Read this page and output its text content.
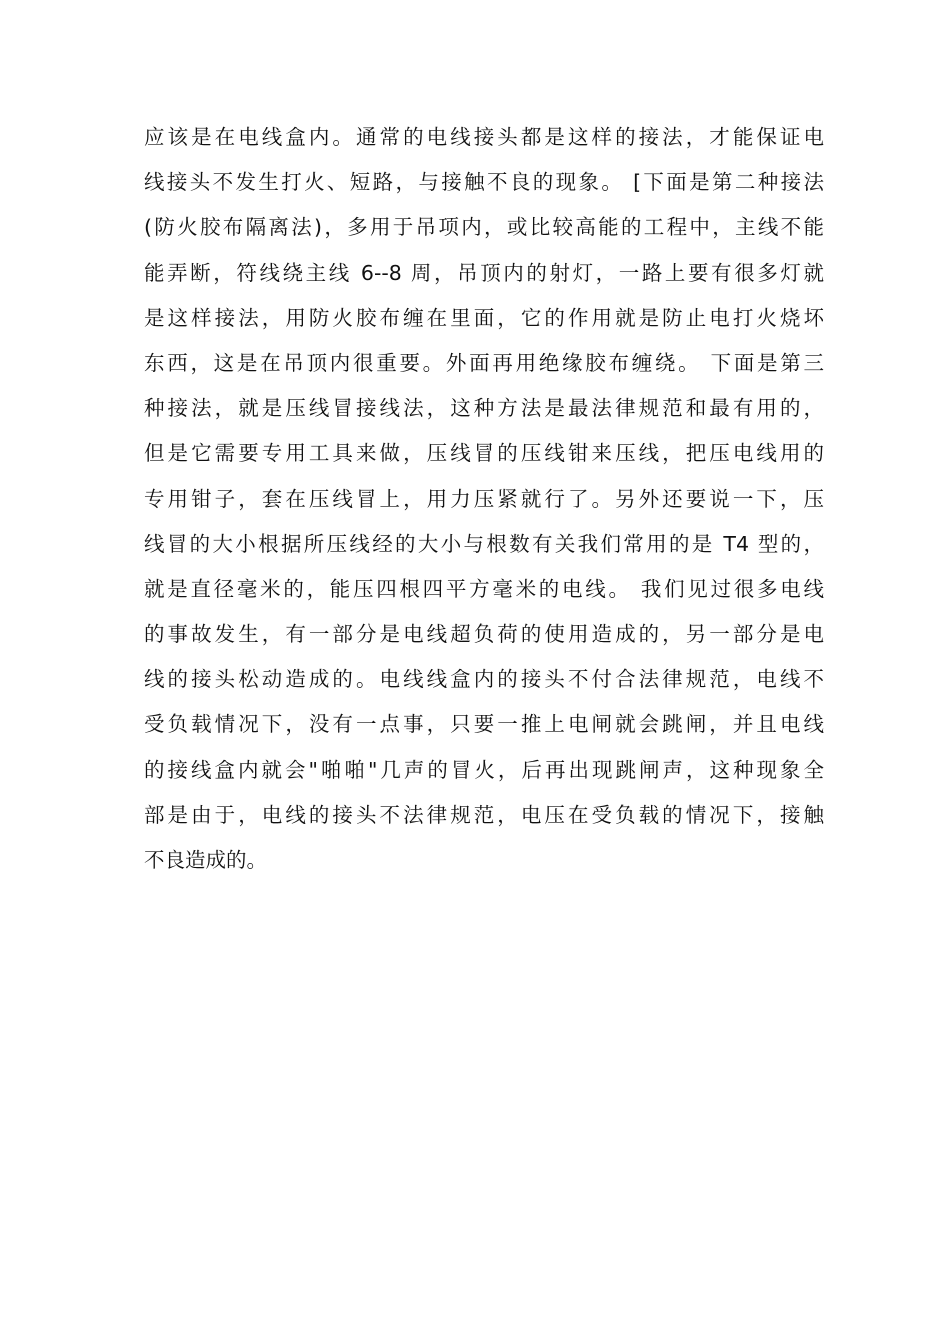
应该是在电线盒内。通常的电线接头都是这样的接法，才能保证电
线接头不发生打火、短路，与接触不良的现象。 [下面是第二种接法
(防火胶布隔离法)，多用于吊项内，或比较高能的工程中，主线不能
能弄断，符线绕主线 6--8 周，吊顶内的射灯，一路上要有很多灯就
是这样接法，用防火胶布缠在里面，它的作用就是防止电打火烧坏
东西，这是在吊顶内很重要。外面再用绝缘胶布缠绕。 下面是第三
种接法，就是压线冒接线法，这种方法是最法律规范和最有用的，
但是它需要专用工具来做，压线冒的压线钳来压线，把压电线用的
专用钳子，套在压线冒上，用力压紧就行了。另外还要说一下，压
线冒的大小根据所压线经的大小与根数有关我们常用的是 T4 型的，
就是直径毫米的，能压四根四平方毫米的电线。 我们见过很多电线
的事故发生，有一部分是电线超负荷的使用造成的，另一部分是电
线的接头松动造成的。电线线盒内的接头不付合法律规范，电线不
受负载情况下，没有一点事，只要一推上电闸就会跳闸，并且电线
的接线盒内就会"啪啪"几声的冒火，后再出现跳闸声，这种现象全
部是由于，电线的接头不法律规范，电压在受负载的情况下，接触
不良造成的。
